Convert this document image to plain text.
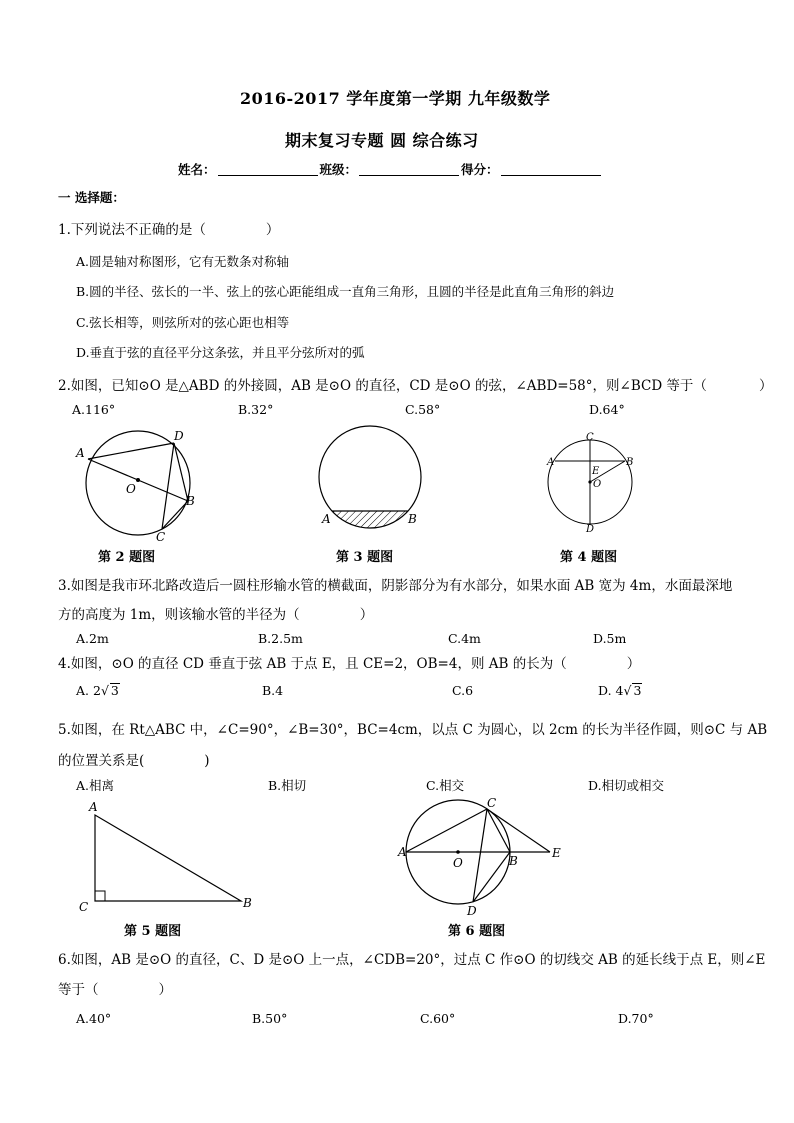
2016-2017 学年度第一学期 九年级数学
期末复习专题 圆 综合练习
姓名：	班级：	得分：
一 选择题：
1.下列说法不正确的是（	）
A.圆是轴对称图形，它有无数条对称轴
B.圆的半径、弦长的一半、弦上的弦心距能组成一直角三角形，且圆的半径是此直角三角形的斜边
C.弦长相等，则弦所对的弦心距也相等
D.垂直于弦的直径平分这条弦，并且平分弦所对的弧
2.如图，已知⊙O 是△ABD 的外接圆，AB 是⊙O 的直径，CD 是⊙O 的弦，∠ABD=58°，则∠BCD 等于（	）
A.116°	B.32°	C.58°	D.64°
A
D
O
B
C
A	B
C
A
E
B
O
D
第 2 题图	第 3 题图	第 4 题图
3.如图是我市环北路改造后一圆柱形输水管的横截面，阴影部分为有水部分，如果水面 AB 宽为 4m，水面最深地
方的高度为 1m，则该输水管的半径为（	）
A.2m	B.2.5m	C.4m	D.5m
4.如图，⊙O 的直径 CD 垂直于弦 AB 于点 E，且 CE=2，OB=4，则 AB 的长为（	）
A. 2√ 3	B.4	C.6	D. 4√ 3
5.如图，在 Rt△ABC 中，∠C=90°，∠B=30°，BC=4cm，以点 C 为圆心，以 2cm 的长为半径作圆，则⊙C 与 AB
的位置关系是(	)
A.相离	B.相切	C.相交	D.相切或相交
A
C	B
C
A
O	B
E
D
第 5 题图	第 6 题图
6.如图，AB 是⊙O 的直径，C、D 是⊙O 上一点，∠CDB=20°，过点 C 作⊙O 的切线交 AB 的延长线于点 E，则∠E
等于（	）
A.40°	B.50°	C.60°	D.70°
